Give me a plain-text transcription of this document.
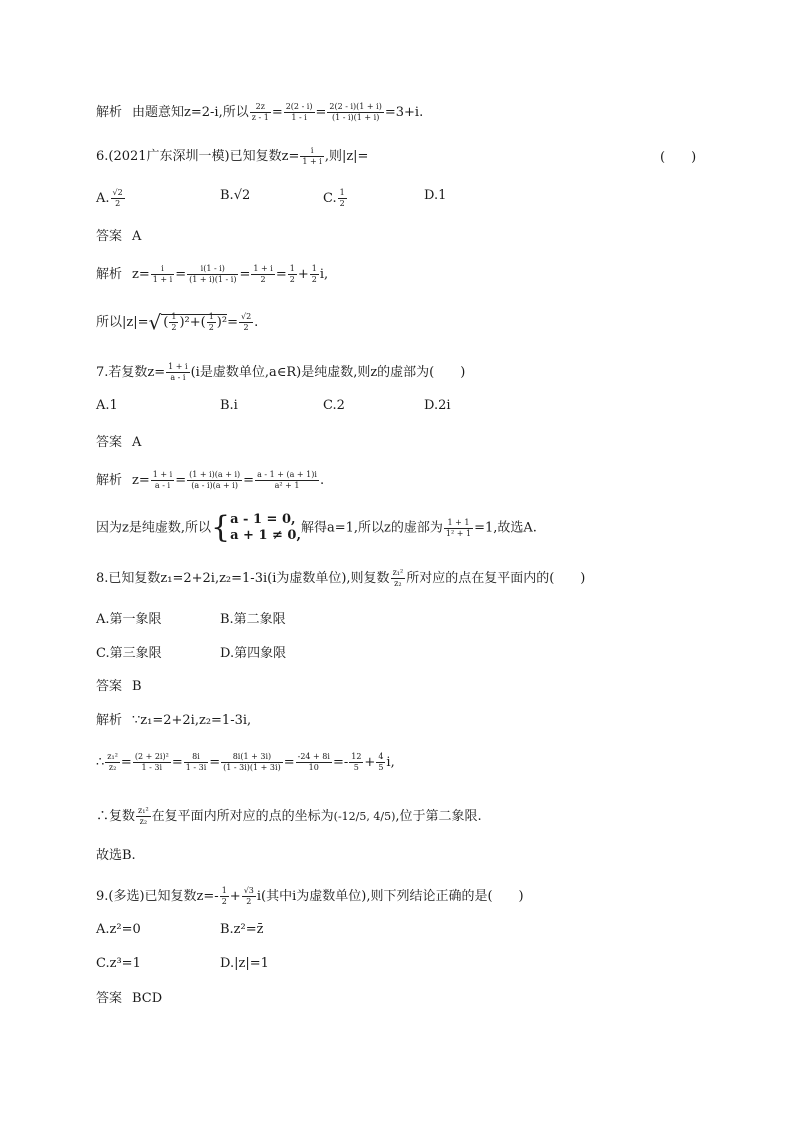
解析 由题意知z=2-i,所以 $\frac{2z}{z - 1} = \frac{2(2 - i)}{1 - i} = \frac{2(2 - i)(1 + i)}{(1 - i)(1 + i)} =3+i$.
6.(2021广东深圳一模)已知复数$z= \frac{i}{1 + i}$ ,则|z|=	(　　)
A. $\frac{√2}{2}$	B.√2	C. $\frac{1}{2}$	D.1
答案 A
解析 $z= \frac{i}{1 + i} = \frac{i(1 - i)}{(1 + i)(1 - i)} = \frac{1 + i}{2} = \frac{1}{2} + \frac{1}{2} i$,
所以|z|=√ ( $\frac{1}{2} )^2+( \frac{1}{2} )^2= \frac{√2}{2}$ .
7.若复数$z= \frac{1 + i}{a - i} (i$是虚数单位,a∈R)是纯虚数,则z的虚部为(　　)
A.1	B.i	C.2	D.2i
答案 A
解析 $z= \frac{1 + i}{a - i} = \frac{(1 + i)(a + i)}{(a - i)(a + i)} = \frac{a - 1 + (a + 1)i}{\text{a² + 1}}$ .
因为z是纯虚数,所以{a - 1 = 0,
a + 1 ≠ 0,解得a=1,所以z的虚部为 $\frac{1 + 1}{\text{1² + 1}} =1$,故选A.
8.已知复数z₁=2+2i,z₂=1-3i(i为虚数单位),则复数 $\frac{\text{z₁²}}{\text{z₂}}$ 所对应的点在复平面内的(　　)
A.第一象限	B.第二象限
C.第三象限	D.第四象限
答案 B
解析 ∵z₁=2+2i,z₂=1-3i,
∴ $\frac{\text{z₁²}}{\text{z₂}} = \frac{\text{(2 + 2i)²}}{1 - 3i} = \frac{8i}{1 - 3i} = \frac{8i(1 + 3i)}{(1 - 3i)(1 + 3i)} = \frac{-24 + 8i}{10} =- \frac{12}{5} + \frac{4}{5} i$,
∴复数 $\frac{\text{z₁²}}{\text{z₂}}$ 在复平面内所对应的点的坐标为(-12/5, 4/5),位于第二象限.
故选B.
9.(多选)已知复数$z=- \frac{1}{2} + \frac{√3}{2} i$(其中i为虚数单位),则下列结论正确的是(　　)
A.z²=0	B.z²=z̄
C.z³=1	D.|z|=1
答案 BCD
